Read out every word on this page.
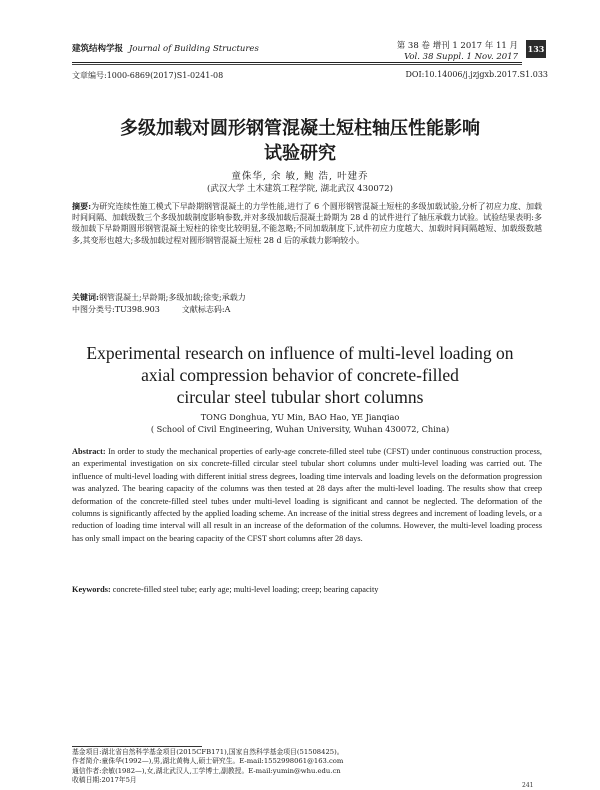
建筑结构学报 Journal of Building Structures	第 38 卷 增刊 1 2017 年 11 月
Vol. 38 Suppl. 1 Nov. 2017
133
文章编号:1000-6869(2017)S1-0241-08	DOI:10.14006/j.jzjgxb.2017.S1.033
多级加载对圆形钢管混凝土短柱轴压性能影响
试验研究
童侏华, 余 敏, 鲍 浩, 叶建乔
(武汉大学 土木建筑工程学院, 湖北武汉 430072)
摘要:为研究连续性施工模式下早龄期钢管混凝土的力学性能,进行了 6 个圆形钢管混凝土短柱的多级加载试验,分析了初应力度、加载时间间隔、加载级数三个多级加载制度影响参数,并对多级加载后混凝土龄期为 28 d 的试件进行了轴压承载力试验。试验结果表明:多级加载下早龄期圆形钢管混凝土短柱的徐变比较明显,不能忽略;不同加载制度下,试件初应力度越大、加载时间间隔越短、加载级数越多,其变形也越大;多级加载过程对圆形钢管混凝土短柱 28 d 后的承载力影响较小。
关键词:钢管混凝土;早龄期;多级加载;徐变;承载力
中图分类号:TU398.903	文献标志码:A
Experimental research on influence of multi-level loading on
axial compression behavior of concrete-filled
circular steel tubular short columns
TONG Donghua, YU Min, BAO Hao, YE Jianqiao
( School of Civil Engineering, Wuhan University, Wuhan 430072, China)
Abstract: In order to study the mechanical properties of early-age concrete-filled steel tube (CFST) under continuous construction process, an experimental investigation on six concrete-filled circular steel tubular short columns under multi-level loading was carried out. The influence of multi-level loading with different initial stress degrees, loading time intervals and loading levels on the deformation progression was analyzed. The bearing capacity of the columns was then tested at 28 days after the multi-level loading. The results show that creep deformation of the concrete-filled steel tubes under multi-level loading is significant and cannot be neglected. The deformation of the columns is significantly affected by the applied loading scheme. An increase of the initial stress degrees and increment of loading levels, or a reduction of loading time interval will all result in an increase of the deformation of the columns. However, the multi-level loading process has only small impact on the bearing capacity of the CFST short columns after 28 days.
Keywords: concrete-filled steel tube; early age; multi-level loading; creep; bearing capacity
基金项目:湖北省自然科学基金项目(2015CFB171),国家自然科学基金项目(51508425)。
作者简介:童侏华(1992—),男,湖北黄梅人,硕士研究生。E-mail:1552998061@163.com
通信作者:余敏(1982—),女,湖北武汉人,工学博士,副教授。E-mail:yumin@whu.edu.cn
收稿日期:2017年5月
241
